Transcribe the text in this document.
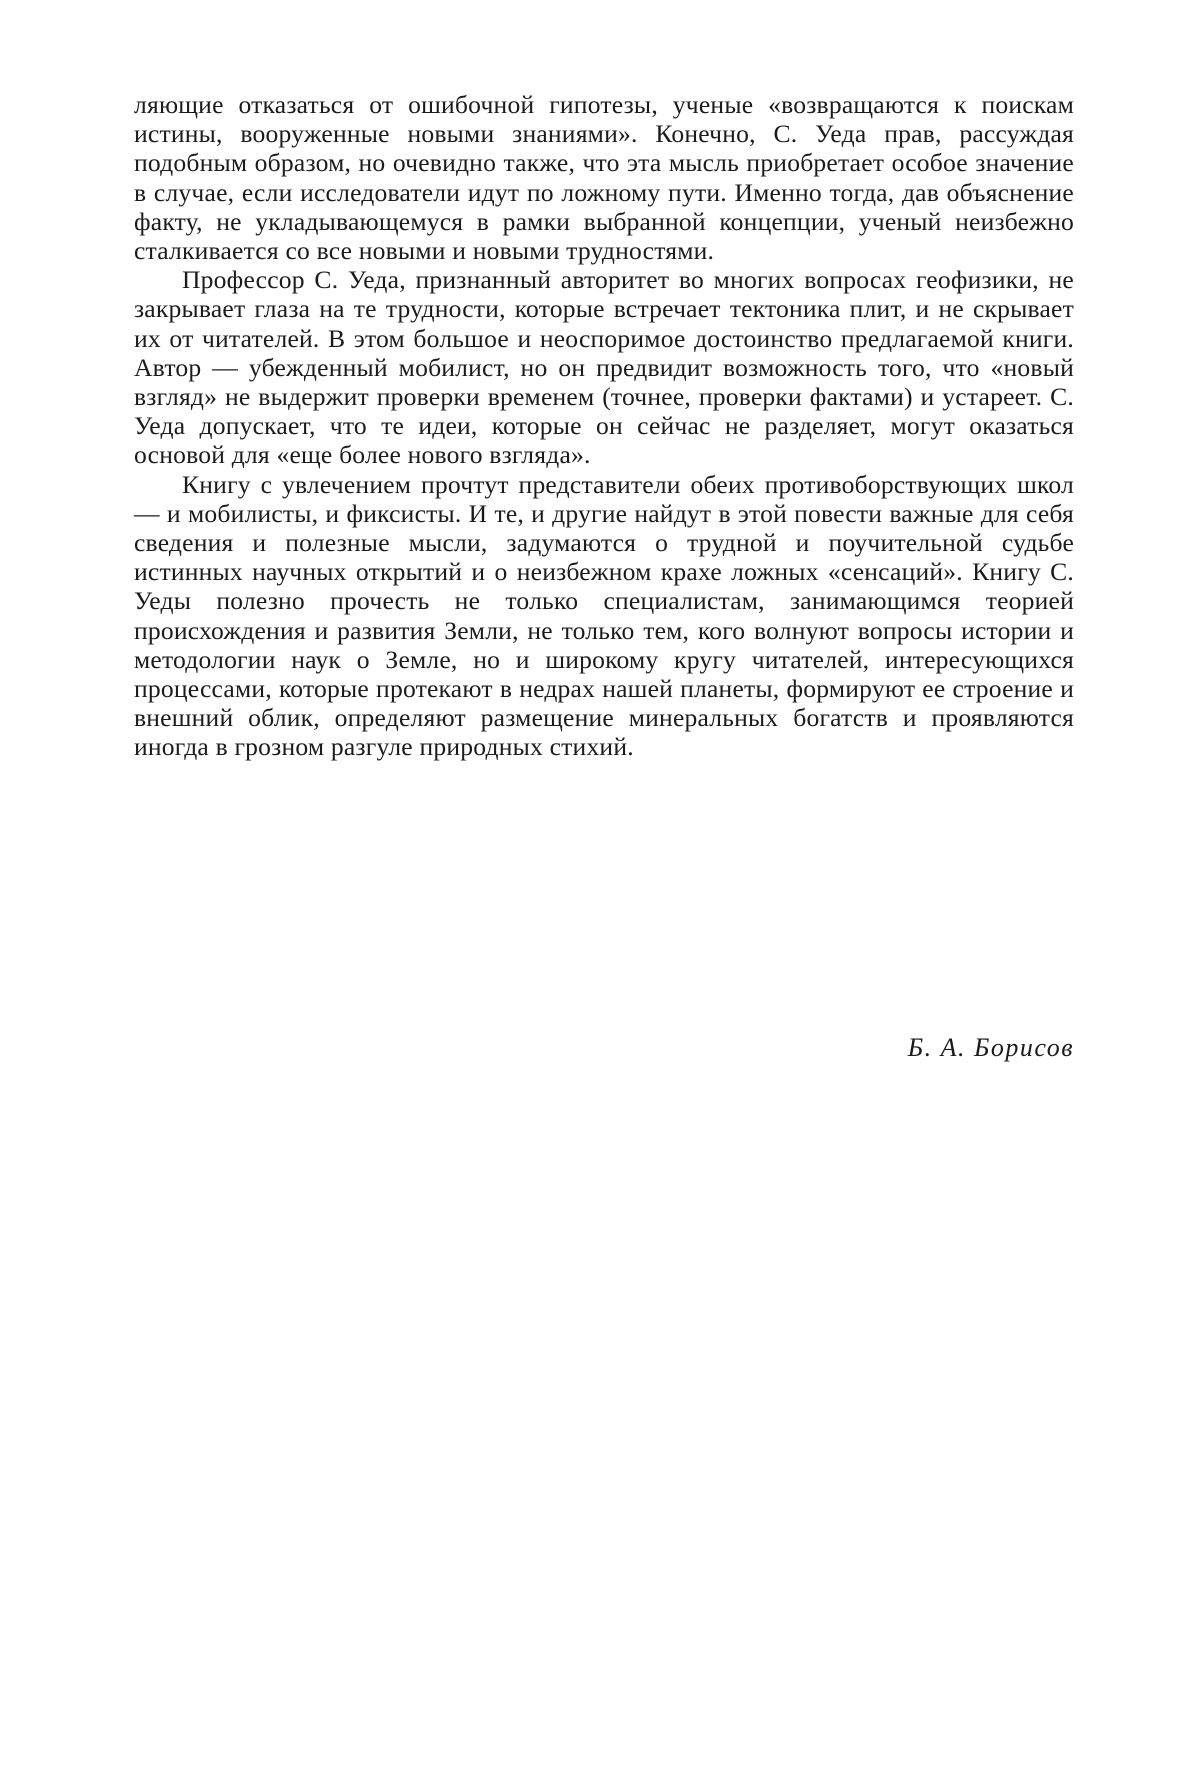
ляющие отказаться от ошибочной гипотезы, ученые «возвращаются к поискам истины, вооруженные новыми знаниями». Конечно, С. Уеда прав, рассуждая подобным образом, но очевидно также, что эта мысль приобретает особое значение в случае, если исследователи идут по ложному пути. Именно тогда, дав объяснение факту, не укладывающемуся в рамки выбранной концепции, ученый неизбежно сталкивается со все новыми и новыми трудностями.

Профессор С. Уеда, признанный авторитет во многих вопросах геофизики, не закрывает глаза на те трудности, которые встречает тектоника плит, и не скрывает их от читателей. В этом большое и неоспоримое достоинство предлагаемой книги. Автор — убежденный мобилист, но он предвидит возможность того, что «новый взгляд» не выдержит проверки временем (точнее, проверки фактами) и устареет. С. Уеда допускает, что те идеи, которые он сейчас не разделяет, могут оказаться основой для «еще более нового взгляда».

Книгу с увлечением прочтут представители обеих противоборствующих школ — и мобилисты, и фиксисты. И те, и другие найдут в этой повести важные для себя сведения и полезные мысли, задумаются о трудной и поучительной судьбе истинных научных открытий и о неизбежном крахе ложных «сенсаций». Книгу С. Уеды полезно прочесть не только специалистам, занимающимся теорией происхождения и развития Земли, не только тем, кого волнуют вопросы истории и методологии наук о Земле, но и широкому кругу читателей, интересующихся процессами, которые протекают в недрах нашей планеты, формируют ее строение и внешний облик, определяют размещение минеральных богатств и проявляются иногда в грозном разгуле природных стихий.

Б. А. Борисов
